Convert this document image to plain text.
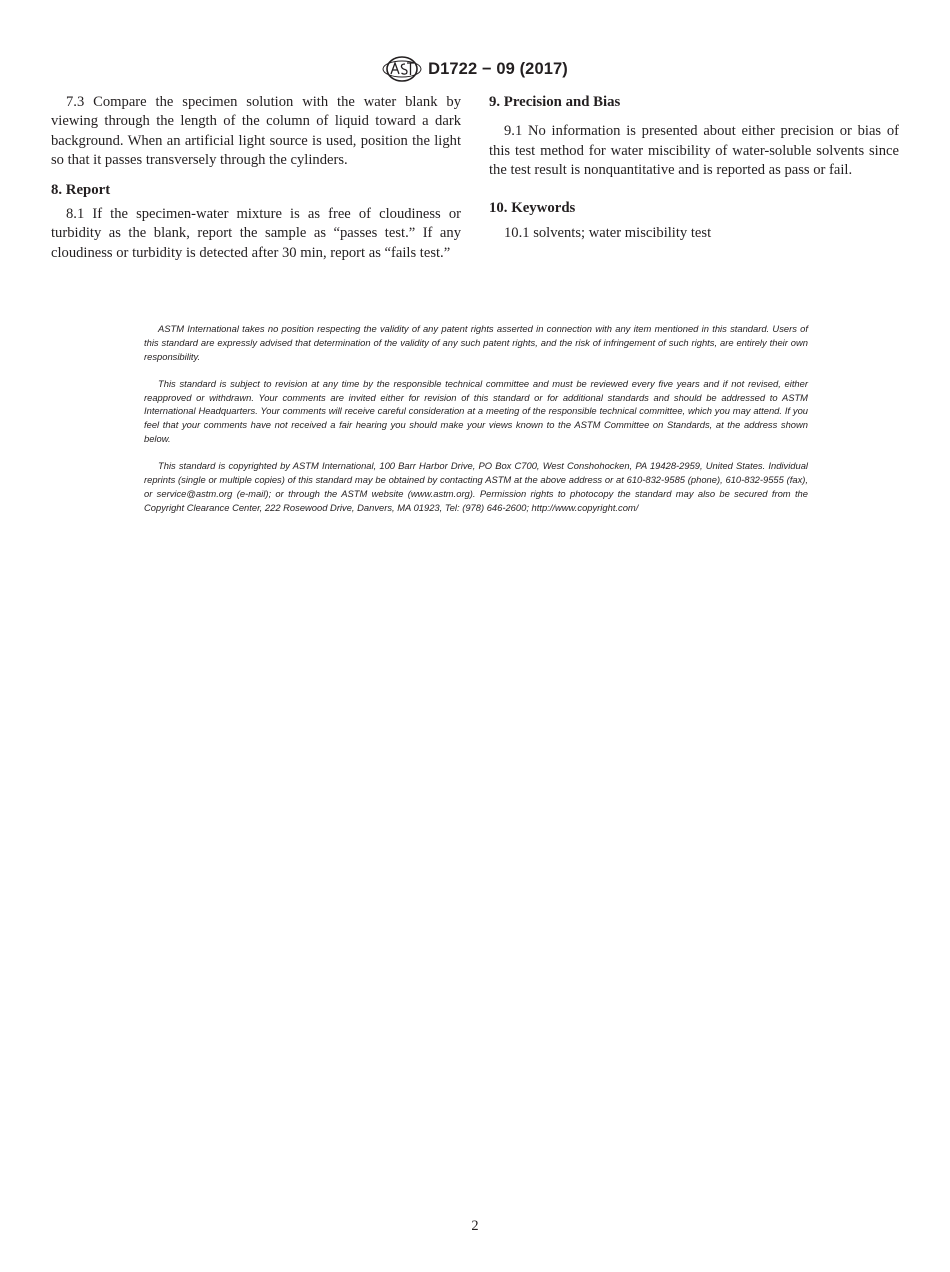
D1722 − 09 (2017)

7.3 Compare the specimen solution with the water blank by viewing through the length of the column of liquid toward a dark background. When an artificial light source is used, position the light so that it passes transversely through the cylinders.

8. Report

8.1 If the specimen-water mixture is as free of cloudiness or turbidity as the blank, report the sample as “passes test.” If any cloudiness or turbidity is detected after 30 min, report as “fails test.”

9. Precision and Bias

9.1 No information is presented about either precision or bias of this test method for water miscibility of water-soluble solvents since the test result is nonquantitative and is reported as pass or fail.

10. Keywords

10.1 solvents; water miscibility test

ASTM International takes no position respecting the validity of any patent rights asserted in connection with any item mentioned in this standard. Users of this standard are expressly advised that determination of the validity of any such patent rights, and the risk of infringement of such rights, are entirely their own responsibility.

This standard is subject to revision at any time by the responsible technical committee and must be reviewed every five years and if not revised, either reapproved or withdrawn. Your comments are invited either for revision of this standard or for additional standards and should be addressed to ASTM International Headquarters. Your comments will receive careful consideration at a meeting of the responsible technical committee, which you may attend. If you feel that your comments have not received a fair hearing you should make your views known to the ASTM Committee on Standards, at the address shown below.

This standard is copyrighted by ASTM International, 100 Barr Harbor Drive, PO Box C700, West Conshohocken, PA 19428-2959, United States. Individual reprints (single or multiple copies) of this standard may be obtained by contacting ASTM at the above address or at 610-832-9585 (phone), 610-832-9555 (fax), or service@astm.org (e-mail); or through the ASTM website (www.astm.org). Permission rights to photocopy the standard may also be secured from the Copyright Clearance Center, 222 Rosewood Drive, Danvers, MA 01923, Tel: (978) 646-2600; http://www.copyright.com/

2
